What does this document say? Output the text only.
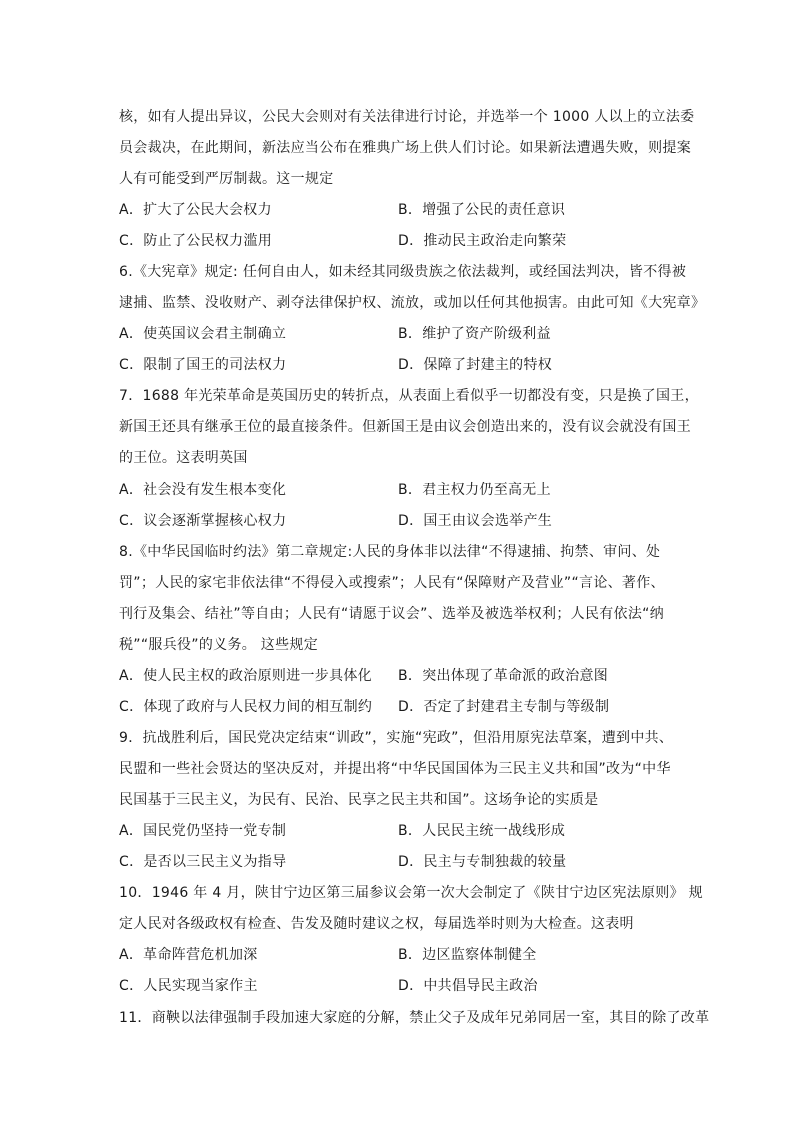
核，如有人提出异议，公民大会则对有关法律进行讨论，并选举一个 1000 人以上的立法委
员会裁决，在此期间，新法应当公布在雅典广场上供人们讨论。如果新法遭遇失败，则提案
人有可能受到严厉制裁。这一规定
A．扩大了公民大会权力	B．增强了公民的责任意识
C．防止了公民权力滥用	D．推动民主政治走向繁荣
6.《大宪章》规定: 任何自由人，如未经其同级贵族之依法裁判，或经国法判决，皆不得被
逮捕、监禁、没收财产、剥夺法律保护权、流放，或加以任何其他损害。由此可知《大宪章》
A．使英国议会君主制确立	B．维护了资产阶级利益
C．限制了国王的司法权力	D．保障了封建主的特权
7．1688 年光荣革命是英国历史的转折点，从表面上看似乎一切都没有变，只是换了国王，
新国王还具有继承王位的最直接条件。但新国王是由议会创造出来的，没有议会就没有国王
的王位。这表明英国
A．社会没有发生根本变化	B．君主权力仍至高无上
C．议会逐渐掌握核心权力	D．国王由议会选举产生
8.《中华民国临时约法》第二章规定:人民的身体非以法律“不得逮捕、拘禁、审问、处
罚”；人民的家宅非依法律“不得侵入或搜索”；人民有“保障财产及营业”“言论、著作、
刊行及集会、结社”等自由；人民有“请愿于议会”、选举及被选举权利；人民有依法“纳
税”“服兵役”的义务。 这些规定
A．使人民主权的政治原则进一步具体化 B．突出体现了革命派的政治意图
C．体现了政府与人民权力间的相互制约 D．否定了封建君主专制与等级制
9．抗战胜利后，国民党决定结束“训政”，实施“宪政”，但沿用原宪法草案，遭到中共、
民盟和一些社会贤达的坚决反对，并提出将“中华民国国体为三民主义共和国”改为“中华
民国基于三民主义，为民有、民治、民享之民主共和国”。这场争论的实质是
A．国民党仍坚持一党专制	B．人民民主统一战线形成
C．是否以三民主义为指导	D．民主与专制独裁的较量
10．1946 年 4 月，陕甘宁边区第三届参议会第一次大会制定了《陕甘宁边区宪法原则》 规
定人民对各级政权有检查、告发及随时建议之权，每届选举时则为大检查。这表明
A．革命阵营危机加深	B．边区监察体制健全
C．人民实现当家作主	D．中共倡导民主政治
11．商鞅以法律强制手段加速大家庭的分解，禁止父子及成年兄弟同居一室，其目的除了改革
